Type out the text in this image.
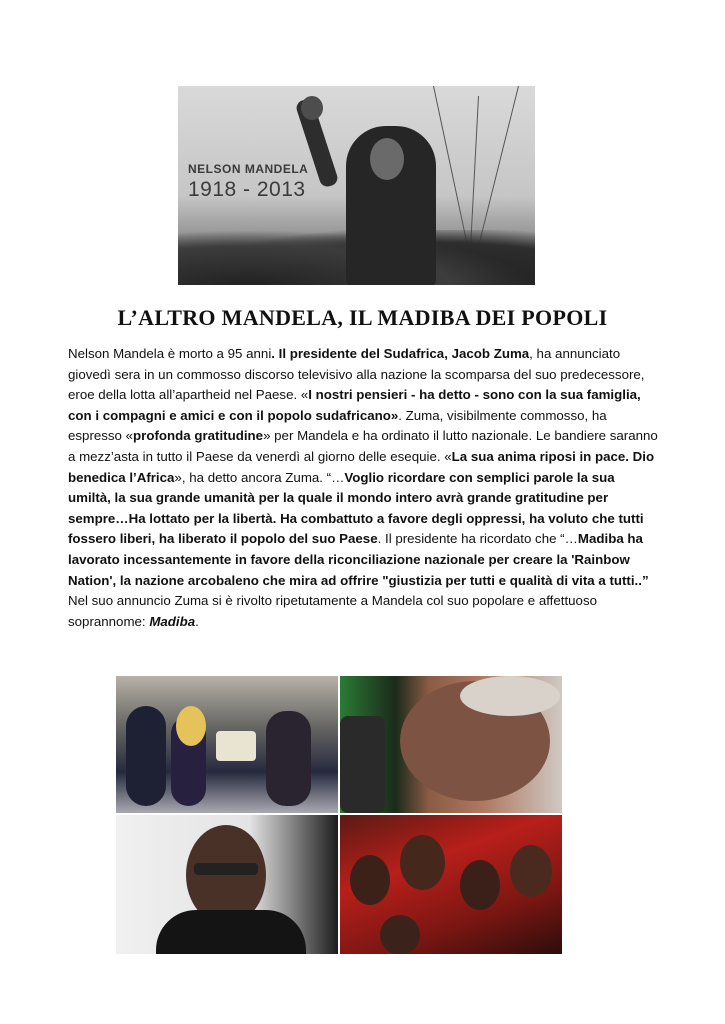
NELSON MANDELA
1918 - 2013
L’ALTRO MANDELA, IL MADIBA DEI POPOLI
Nelson Mandela è morto a 95 anni. Il presidente del Sudafrica, Jacob Zuma, ha annunciato giovedì sera in un commosso discorso televisivo alla nazione la scomparsa del suo predecessore, eroe della lotta all’apartheid nel Paese. «I nostri pensieri - ha detto - sono con la sua famiglia, con i compagni e amici e con il popolo sudafricano». Zuma, visibilmente commosso, ha espresso «profonda gratitudine» per Mandela e ha ordinato il lutto nazionale. Le bandiere saranno a mezz’asta in tutto il Paese da venerdì al giorno delle esequie. «La sua anima riposi in pace. Dio benedica l’Africa», ha detto ancora Zuma. “…Voglio ricordare con semplici parole la sua umiltà, la sua grande umanità per la quale il mondo intero avrà grande gratitudine per sempre…Ha lottato per la libertà. Ha combattuto a favore degli oppressi, ha voluto che tutti fossero liberi, ha liberato il popolo del suo Paese. Il presidente ha ricordato che “…Madiba ha lavorato incessantemente in favore della riconciliazione nazionale per creare la 'Rainbow Nation', la nazione arcobaleno che mira ad offrire "giustizia per tutti e qualità di vita a tutti..” Nel suo annuncio Zuma si è rivolto ripetutamente a Mandela col suo popolare e affettuoso soprannome: Madiba.
